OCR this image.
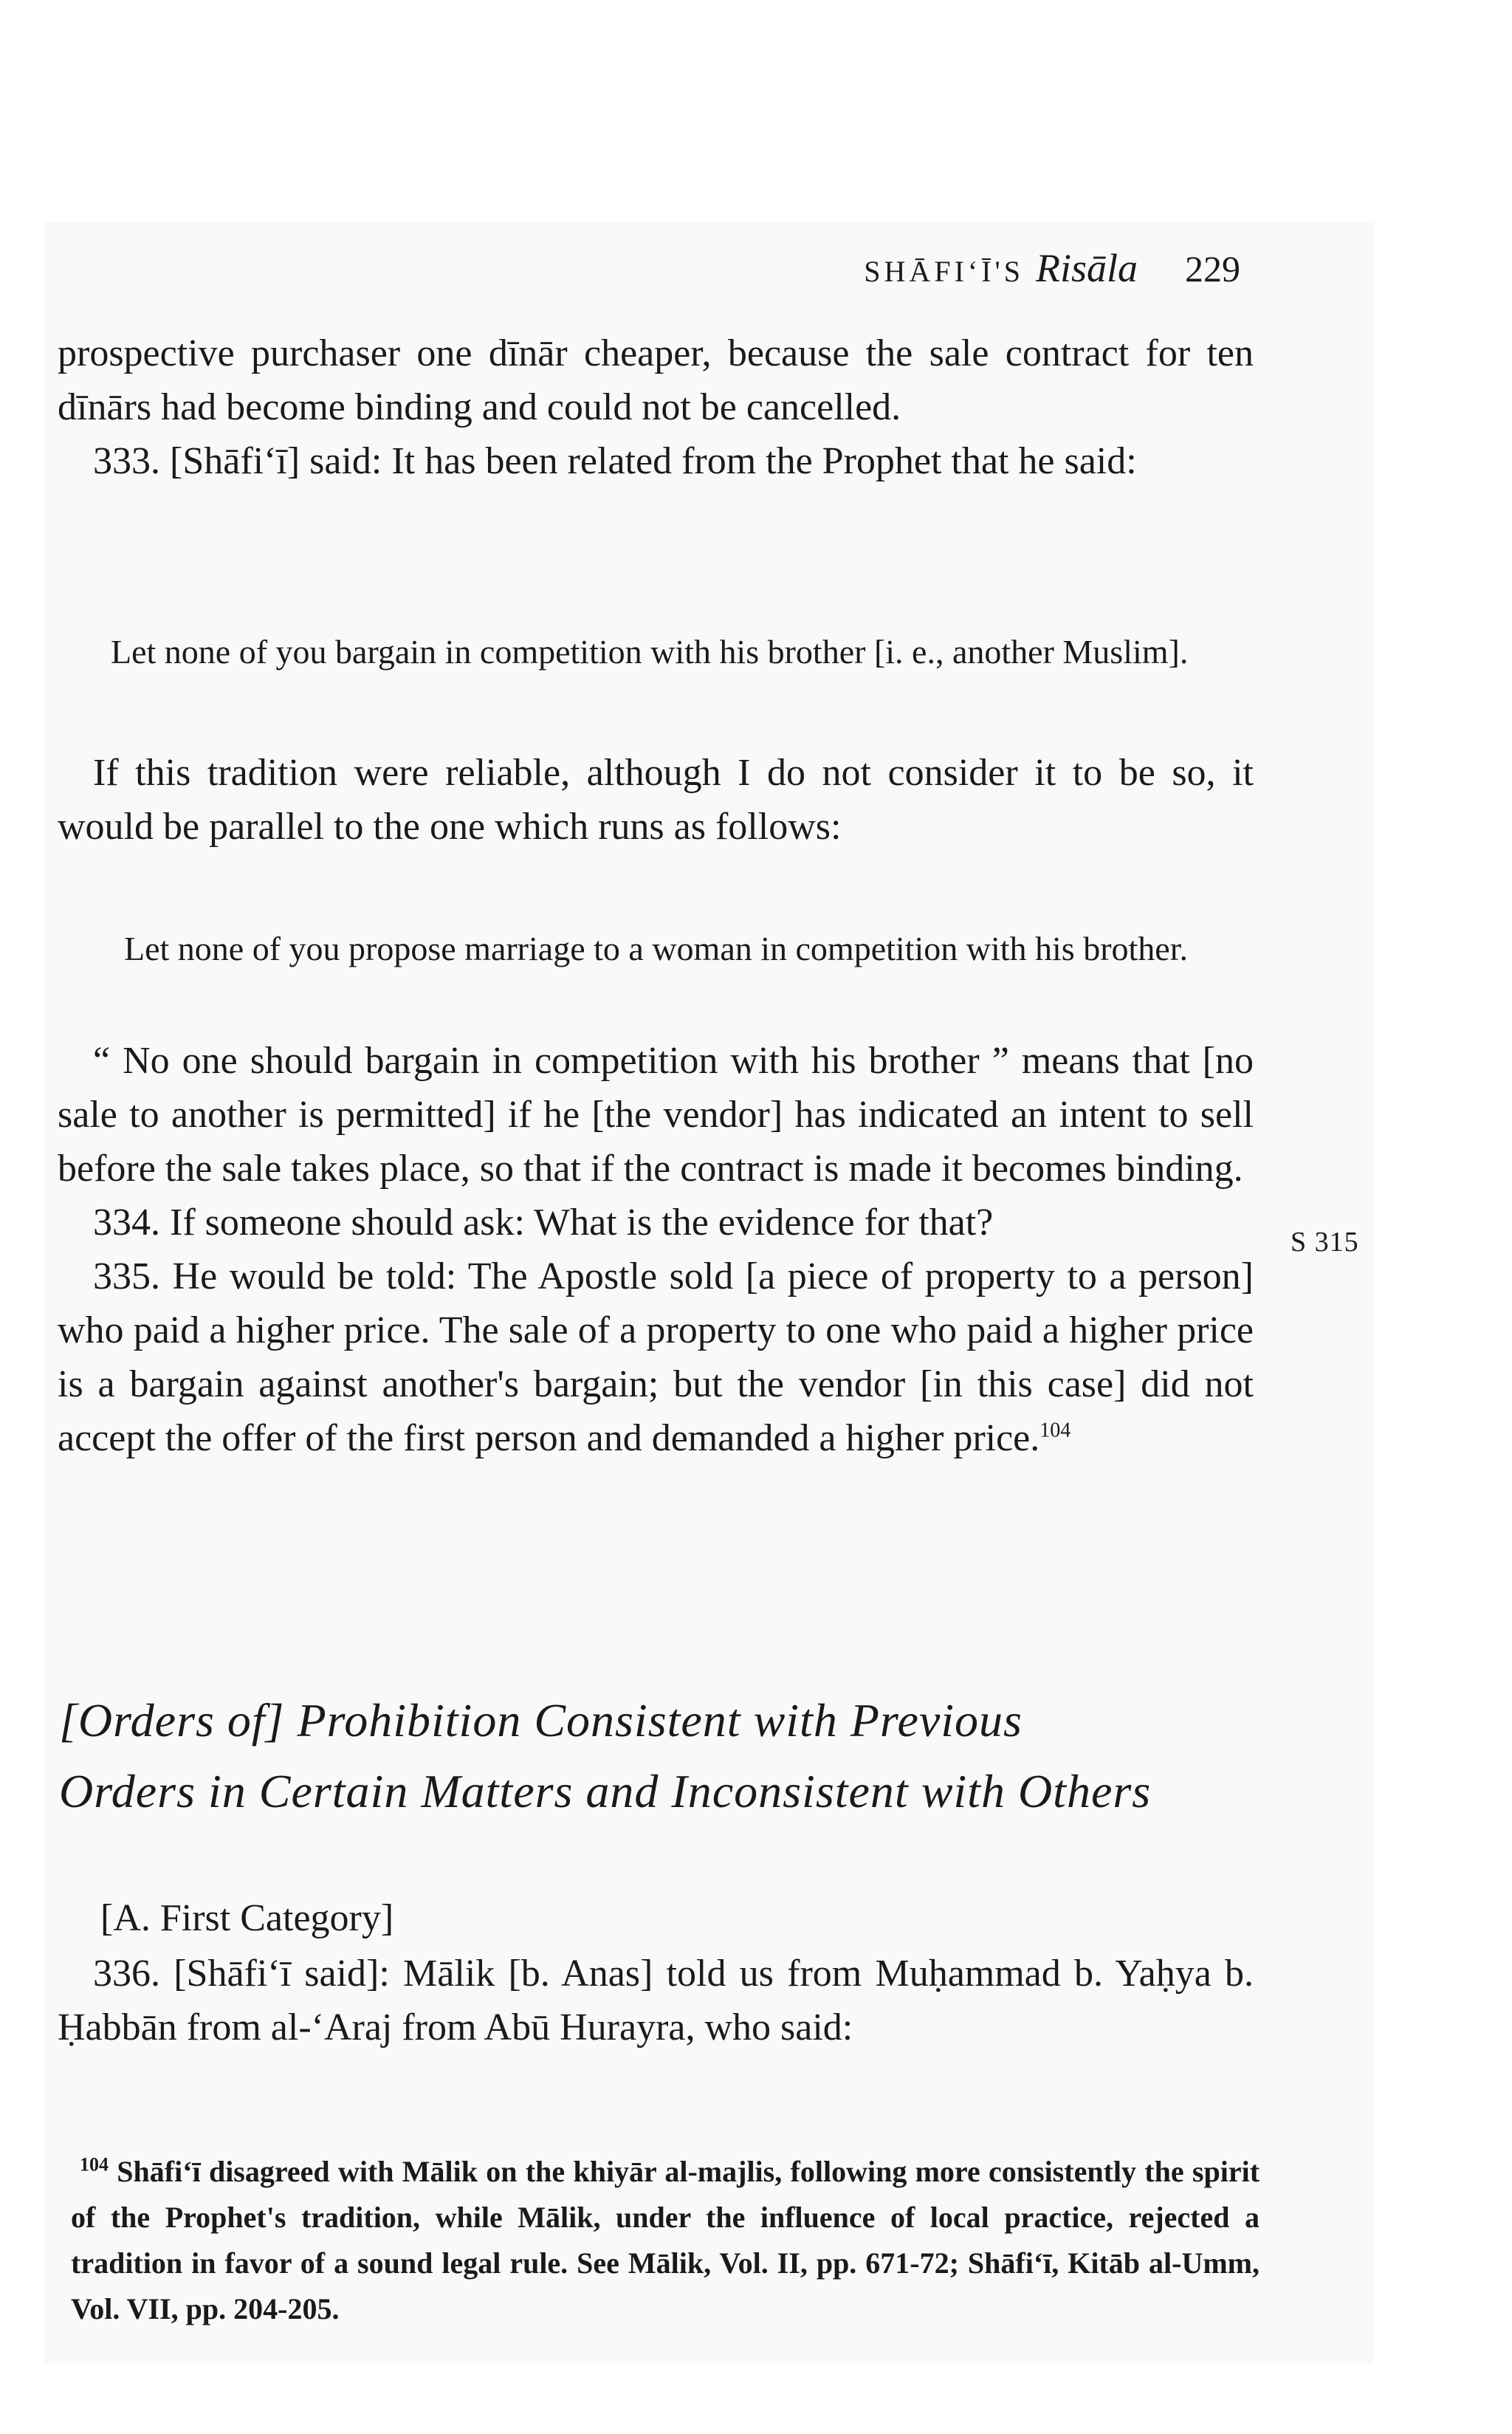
SHĀFIʻĪ'S Risāla 229

prospective purchaser one dīnār cheaper, because the sale contract for ten dīnārs had become binding and could not be cancelled.

333. [Shāfiʻī] said: It has been related from the Prophet that he said:

Let none of you bargain in competition with his brother [i. e., another Muslim].

If this tradition were reliable, although I do not consider it to be so, it would be parallel to the one which runs as follows:

Let none of you propose marriage to a woman in competition with his brother.

“ No one should bargain in competition with his brother ” means that [no sale to another is permitted] if he [the vendor] has indicated an intent to sell before the sale takes place, so that if the contract is made it becomes binding.

334. If someone should ask: What is the evidence for that?

335. He would be told: The Apostle sold [a piece of property to a person] who paid a higher price. The sale of a property to one who paid a higher price is a bargain against another's bargain; but the vendor [in this case] did not accept the offer of the first person and demanded a higher price.$^{104}$

S 315

[Orders of] Prohibition Consistent with Previous

Orders in Certain Matters and Inconsistent with Others

[A. First Category]

336. [Shāfiʻī said]: Mālik [b. Anas] told us from Muḥammad b. Yaḥya b. Ḥabbān from al-ʻAraj from Abū Hurayra, who said:

$^{104}$ Shāfiʻī disagreed with Mālik on the khiyār al-majlis, following more consistently the spirit of the Prophet's tradition, while Mālik, under the influence of local practice, rejected a tradition in favor of a sound legal rule. See Mālik, Vol. II, pp. 671-72; Shāfiʻī, Kitāb al-Umm, Vol. VII, pp. 204-205.
